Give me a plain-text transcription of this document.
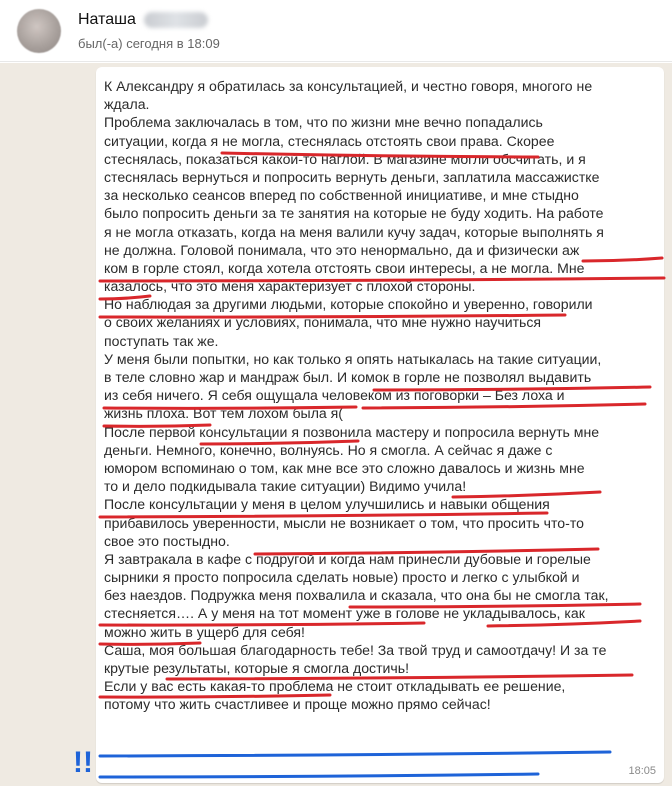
Наташа
был(-а) сегодня в 18:09
К Александру я обратилась за консультацией, и честно говоря, многого не
ждала.
Проблема заключалась в том, что по жизни мне вечно попадались
ситуации, когда я не могла, стеснялась отстоять свои права. Скорее
стеснялась, показаться какой-то наглой. В магазине могли обсчитать, и я
стеснялась вернуться и попросить вернуть деньги, заплатила массажистке
за несколько сеансов вперед по собственной инициативе, и мне стыдно
было попросить деньги за те занятия на которые не буду ходить. На работе
я не могла отказать, когда на меня валили кучу задач, которые выполнять я
не должна. Головой понимала, что это ненормально, да и физически аж
ком в горле стоял, когда хотела отстоять свои интересы, а не могла. Мне
казалось, что это меня характеризует с плохой стороны.
Но наблюдая за другими людьми, которые спокойно и уверенно, говорили
о своих желаниях и условиях, понимала, что мне нужно научиться
поступать так же.
У меня были попытки, но как только я опять натыкалась на такие ситуации,
в теле словно жар и мандраж был. И комок в горле не позволял выдавить
из себя ничего. Я себя ощущала человеком из поговорки – Без лоха и
жизнь плоха. Вот тем лохом была я(
После первой консультации я позвонила мастеру и попросила вернуть мне
деньги. Немного, конечно, волнуясь. Но я смогла. А сейчас я даже с
юмором вспоминаю о том, как мне все это сложно давалось и жизнь мне
то и дело подкидывала такие ситуации) Видимо учила!
После консультации у меня в целом улучшились и навыки общения
прибавилось уверенности, мысли не возникает о том, что просить что-то
свое это постыдно.
Я завтракала в кафе с подругой и когда нам принесли дубовые и горелые
сырники я просто попросила сделать новые) просто и легко с улыбкой и
без наездов. Подружка меня похвалила и сказала, что она бы не смогла так,
стесняется…. А у меня на тот момент уже в голове не укладывалось, как
можно жить в ущерб для себя!
Саша, моя большая благодарность тебе! За твой труд и самоотдачу! И за те
крутые результаты, которые я смогла достичь!
Если у вас есть какая-то проблема не стоит откладывать ее решение,
потому что жить счастливее и проще можно прямо сейчас!
18:05
!!
